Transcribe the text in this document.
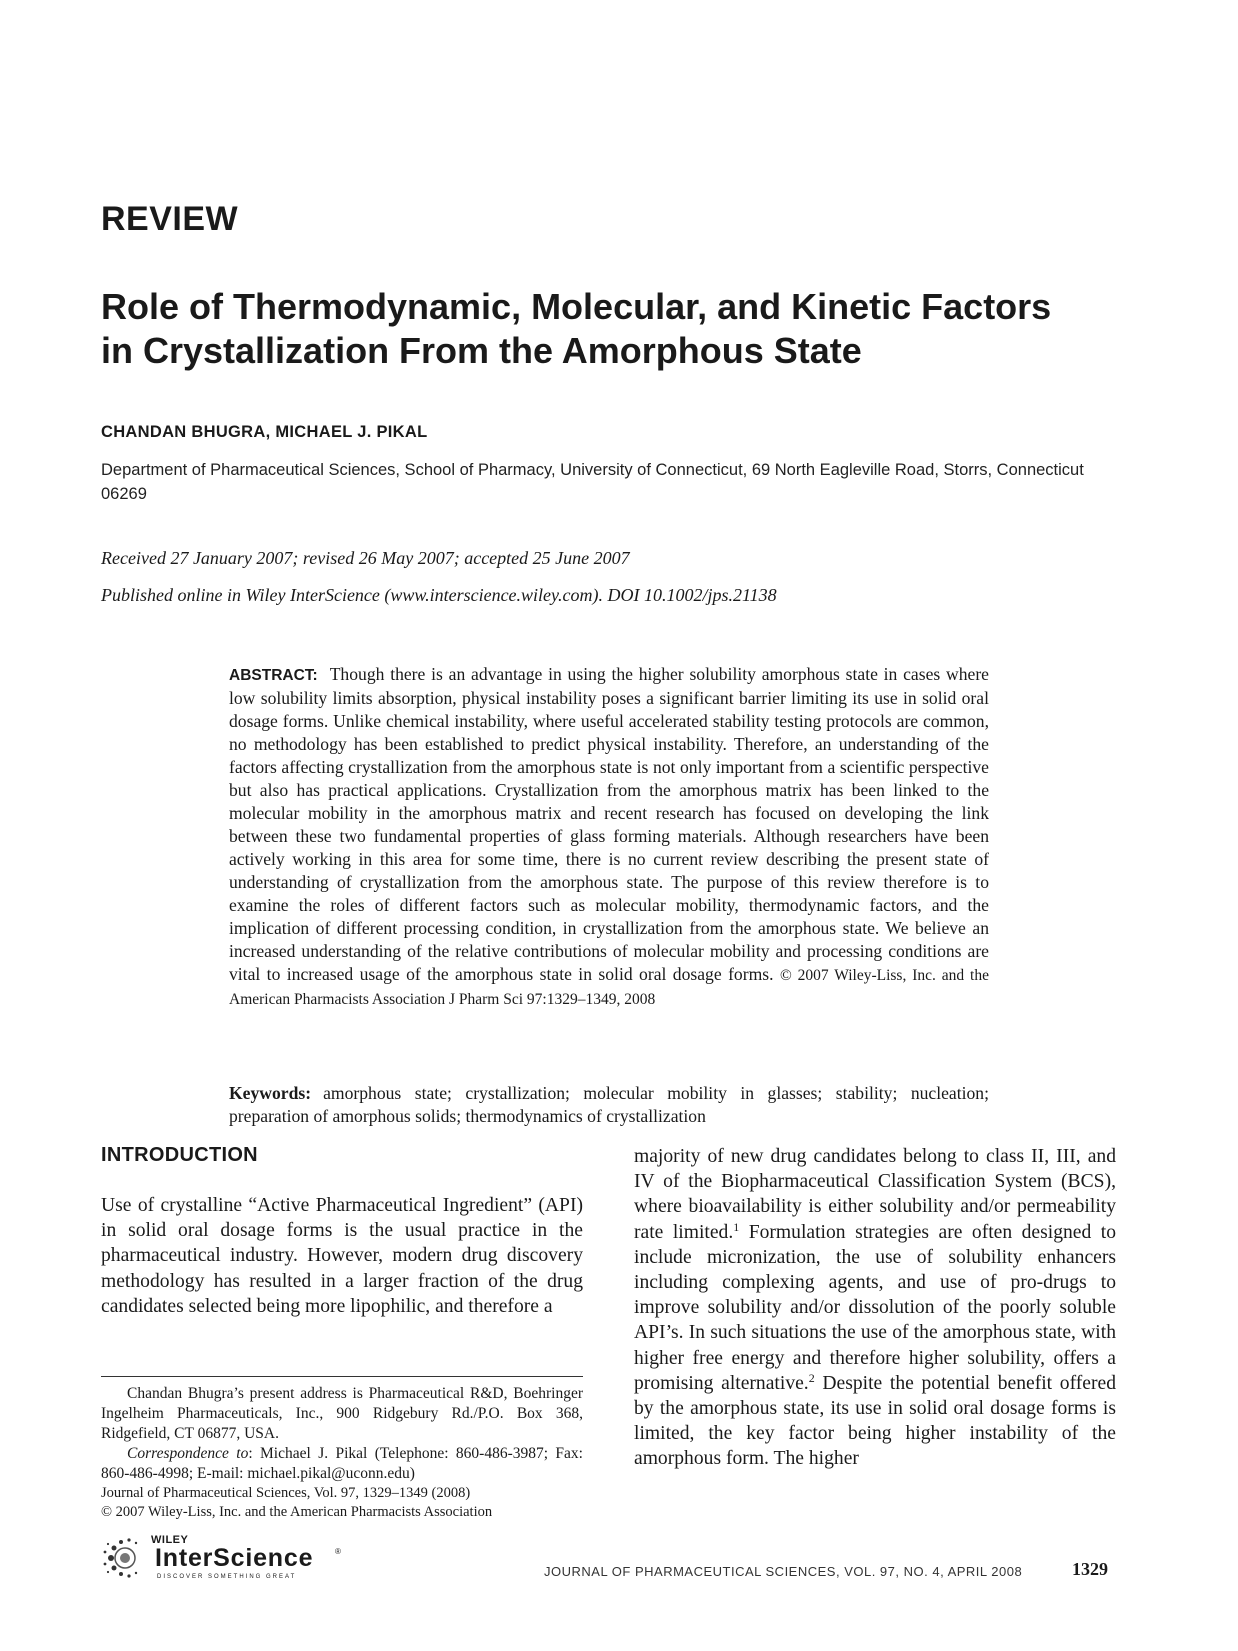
REVIEW
Role of Thermodynamic, Molecular, and Kinetic Factors
in Crystallization From the Amorphous State
CHANDAN BHUGRA, MICHAEL J. PIKAL
Department of Pharmaceutical Sciences, School of Pharmacy, University of Connecticut, 69 North Eagleville Road, Storrs, Connecticut 06269
Received 27 January 2007; revised 26 May 2007; accepted 25 June 2007
Published online in Wiley InterScience (www.interscience.wiley.com). DOI 10.1002/jps.21138
ABSTRACT: Though there is an advantage in using the higher solubility amorphous state in cases where low solubility limits absorption, physical instability poses a significant barrier limiting its use in solid oral dosage forms. Unlike chemical instability, where useful accelerated stability testing protocols are common, no methodology has been established to predict physical instability. Therefore, an understanding of the factors affecting crystallization from the amorphous state is not only important from a scientific perspective but also has practical applications. Crystallization from the amorphous matrix has been linked to the molecular mobility in the amorphous matrix and recent research has focused on developing the link between these two fundamental properties of glass forming materials. Although researchers have been actively working in this area for some time, there is no current review describing the present state of understanding of crystallization from the amorphous state. The purpose of this review therefore is to examine the roles of different factors such as molecular mobility, thermodynamic factors, and the implication of different processing condition, in crystallization from the amorphous state. We believe an increased understanding of the relative contributions of molecular mobility and processing conditions are vital to increased usage of the amorphous state in solid oral dosage forms. © 2007 Wiley-Liss, Inc. and the American Pharmacists Association J Pharm Sci 97:1329–1349, 2008
Keywords: amorphous state; crystallization; molecular mobility in glasses; stability; nucleation; preparation of amorphous solids; thermodynamics of crystallization
INTRODUCTION
Use of crystalline “Active Pharmaceutical Ingredient” (API) in solid oral dosage forms is the usual practice in the pharmaceutical industry. However, modern drug discovery methodology has resulted in a larger fraction of the drug candidates selected being more lipophilic, and therefore a
majority of new drug candidates belong to class II, III, and IV of the Biopharmaceutical Classification System (BCS), where bioavailability is either solubility and/or permeability rate limited.$^1$ Formulation strategies are often designed to include micronization, the use of solubility enhancers including complexing agents, and use of pro-drugs to improve solubility and/or dissolution of the poorly soluble API’s. In such situations the use of the amorphous state, with higher free energy and therefore higher solubility, offers a promising alternative.$^2$ Despite the potential benefit offered by the amorphous state, its use in solid oral dosage forms is limited, the key factor being higher instability of the amorphous form. The higher

Chandan Bhugra’s present address is Pharmaceutical R&D, Boehringer Ingelheim Pharmaceuticals, Inc., 900 Ridgebury Rd./P.O. Box 368, Ridgefield, CT 06877, USA.

Correspondence to: Michael J. Pikal (Telephone: 860-486-3987; Fax: 860-486-4998; E-mail: michael.pikal@uconn.edu)

Journal of Pharmaceutical Sciences, Vol. 97, 1329–1349 (2008)
© 2007 Wiley-Liss, Inc. and the American Pharmacists Association
WILEY
InterScience	®
DISCOVER SOMETHING GREAT	JOURNAL OF PHARMACEUTICAL SCIENCES, VOL. 97, NO. 4, APRIL 2008	1329
